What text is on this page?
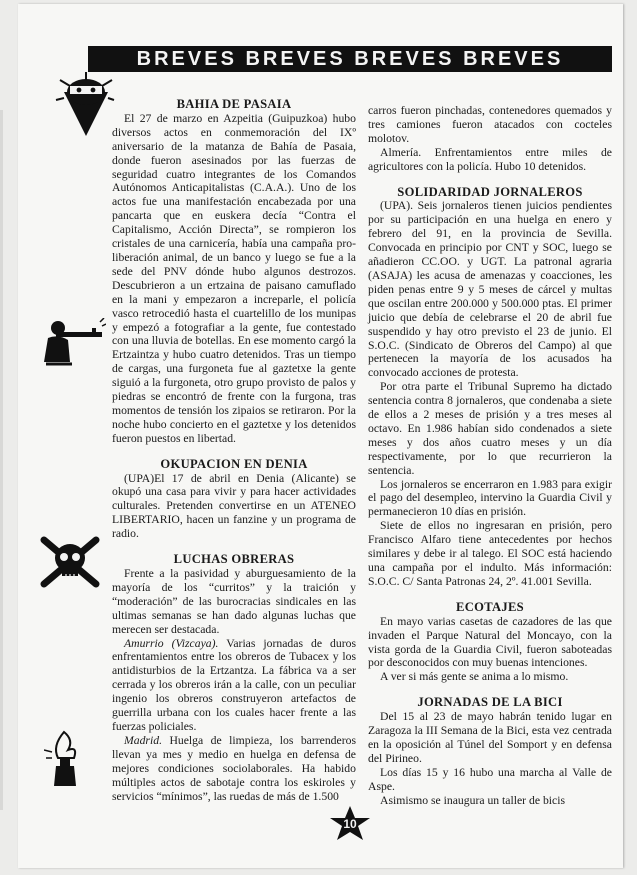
BREVES BREVES BREVES BREVES
BAHIA DE PASAIA

El 27 de marzo en Azpeitia (Guipuzkoa) hubo diversos actos en conmemoración del IXº aniversario de la matanza de Bahía de Pasaia, donde fueron asesinados por las fuerzas de seguridad cuatro integrantes de los Comandos Autónomos Anticapitalistas (C.A.A.). Uno de los actos fue una manifestación encabezada por una pancarta que en euskera decía “Contra el Capitalismo, Acción Directa”, se rompieron los cristales de una carnicería, había una campaña pro-liberación animal, de un banco y luego se fue a la sede del PNV dónde hubo algunos destrozos. Descubrieron a un ertzaina de paisano camuflado en la mani y empezaron a increparle, el policía vasco retrocedió hasta el cuartelillo de los munipas y empezó a fotografiar a la gente, fue contestado con una lluvia de botellas. En ese momento cargó la Ertzaintza y hubo cuatro detenidos. Tras un tiempo de cargas, una furgoneta fue al gaztetxe la gente siguió a la furgoneta, otro grupo provisto de palos y piedras se encontró de frente con la furgona, tras momentos de tensión los zipaios se retiraron. Por la noche hubo concierto en el gaztetxe y los detenidos fueron puestos en libertad.

OKUPACION EN DENIA

(UPA)El 17 de abril en Denia (Alicante) se okupó una casa para vivir y para hacer actividades culturales. Pretenden convertirse en un ATENEO LIBERTARIO, hacen un fanzine y un programa de radio.

LUCHAS OBRERAS

Frente a la pasividad y aburguesamiento de la mayoría de los “curritos” y la traición y “moderación” de las burocracias sindicales en las ultimas semanas se han dado algunas luchas que merecen ser destacada.

Amurrio (Vizcaya). Varias jornadas de duros enfrentamientos entre los obreros de Tubacex y los antidisturbios de la Ertzantza. La fábrica va a ser cerrada y los obreros irán a la calle, con un peculiar ingenio los obreros construyeron artefactos de guerrilla urbana con los cuales hacer frente a las fuerzas policiales.

Madrid. Huelga de limpieza, los barrenderos llevan ya mes y medio en huelga en defensa de mejores condiciones sociolaborales. Ha habido múltiples actos de sabotaje contra los eskiroles y servicios “mínimos”, las ruedas de más de 1.500

carros fueron pinchadas, contenedores quemados y tres camiones fueron atacados con cocteles molotov.

Almería. Enfrentamientos entre miles de agricultores con la policía. Hubo 10 detenidos.

SOLIDARIDAD JORNALEROS

(UPA). Seis jornaleros tienen juicios pendientes por su participación en una huelga en enero y febrero del 91, en la provincia de Sevilla. Convocada en principio por CNT y SOC, luego se añadieron CC.OO. y UGT. La patronal agraria (ASAJA) les acusa de amenazas y coacciones, les piden penas entre 9 y 5 meses de cárcel y multas que oscilan entre 200.000 y 500.000 ptas. El primer juicio que debía de celebrarse el 20 de abril fue suspendido y hay otro previsto el 23 de junio. El S.O.C. (Sindicato de Obreros del Campo) al que pertenecen la mayoría de los acusados ha convocado acciones de protesta.

Por otra parte el Tribunal Supremo ha dictado sentencia contra 8 jornaleros, que condenaba a siete de ellos a 2 meses de prisión y a tres meses al octavo. En 1.986 habían sido condenados a siete meses y dos años cuatro meses y un día respectivamente, por lo que recurrieron la sentencia.

Los jornaleros se encerraron en 1.983 para exigir el pago del desempleo, intervino la Guardia Civil y permanecieron 10 días en prisión.

Siete de ellos no ingresaran en prisión, pero Francisco Alfaro tiene antecedentes por hechos similares y debe ir al talego. El SOC está haciendo una campaña por el indulto. Más información: S.O.C. C/ Santa Patronas 24, 2º. 41.001 Sevilla.

ECOTAJES

En mayo varias casetas de cazadores de las que invaden el Parque Natural del Moncayo, con la vista gorda de la Guardia Civil, fueron saboteadas por desconocidos con muy buenas intenciones.

A ver si más gente se anima a lo mismo.

JORNADAS DE LA BICI

Del 15 al 23 de mayo habrán tenido lugar en Zaragoza la III Semana de la Bici, esta vez centrada en la oposición al Túnel del Somport y en defensa del Pirineo.

Los días 15 y 16 hubo una marcha al Valle de Aspe.

Asimismo se inaugura un taller de bicis

10
